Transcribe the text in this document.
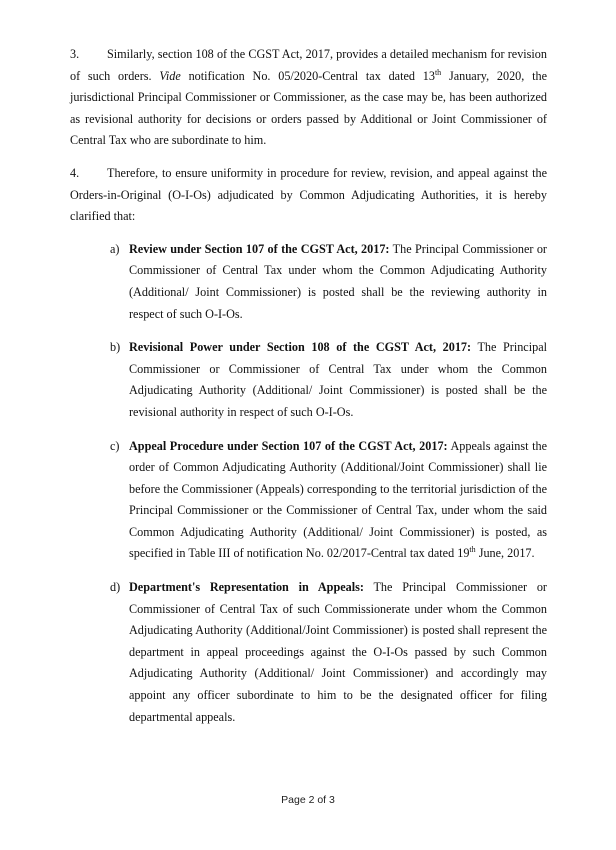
3. Similarly, section 108 of the CGST Act, 2017, provides a detailed mechanism for revision of such orders. Vide notification No. 05/2020-Central tax dated 13th January, 2020, the jurisdictional Principal Commissioner or Commissioner, as the case may be, has been authorized as revisional authority for decisions or orders passed by Additional or Joint Commissioner of Central Tax who are subordinate to him.

4. Therefore, to ensure uniformity in procedure for review, revision, and appeal against the Orders-in-Original (O-I-Os) adjudicated by Common Adjudicating Authorities, it is hereby clarified that:

a) Review under Section 107 of the CGST Act, 2017: The Principal Commissioner or Commissioner of Central Tax under whom the Common Adjudicating Authority (Additional/ Joint Commissioner) is posted shall be the reviewing authority in respect of such O-I-Os.
b) Revisional Power under Section 108 of the CGST Act, 2017: The Principal Commissioner or Commissioner of Central Tax under whom the Common Adjudicating Authority (Additional/ Joint Commissioner) is posted shall be the revisional authority in respect of such O-I-Os.
c) Appeal Procedure under Section 107 of the CGST Act, 2017: Appeals against the order of Common Adjudicating Authority (Additional/Joint Commissioner) shall lie before the Commissioner (Appeals) corresponding to the territorial jurisdiction of the Principal Commissioner or the Commissioner of Central Tax, under whom the said Common Adjudicating Authority (Additional/ Joint Commissioner) is posted, as specified in Table III of notification No. 02/2017-Central tax dated 19th June, 2017.
d) Department's Representation in Appeals: The Principal Commissioner or Commissioner of Central Tax of such Commissionerate under whom the Common Adjudicating Authority (Additional/Joint Commissioner) is posted shall represent the department in appeal proceedings against the O-I-Os passed by such Common Adjudicating Authority (Additional/ Joint Commissioner) and accordingly may appoint any officer subordinate to him to be the designated officer for filing departmental appeals.
Page 2 of 3
